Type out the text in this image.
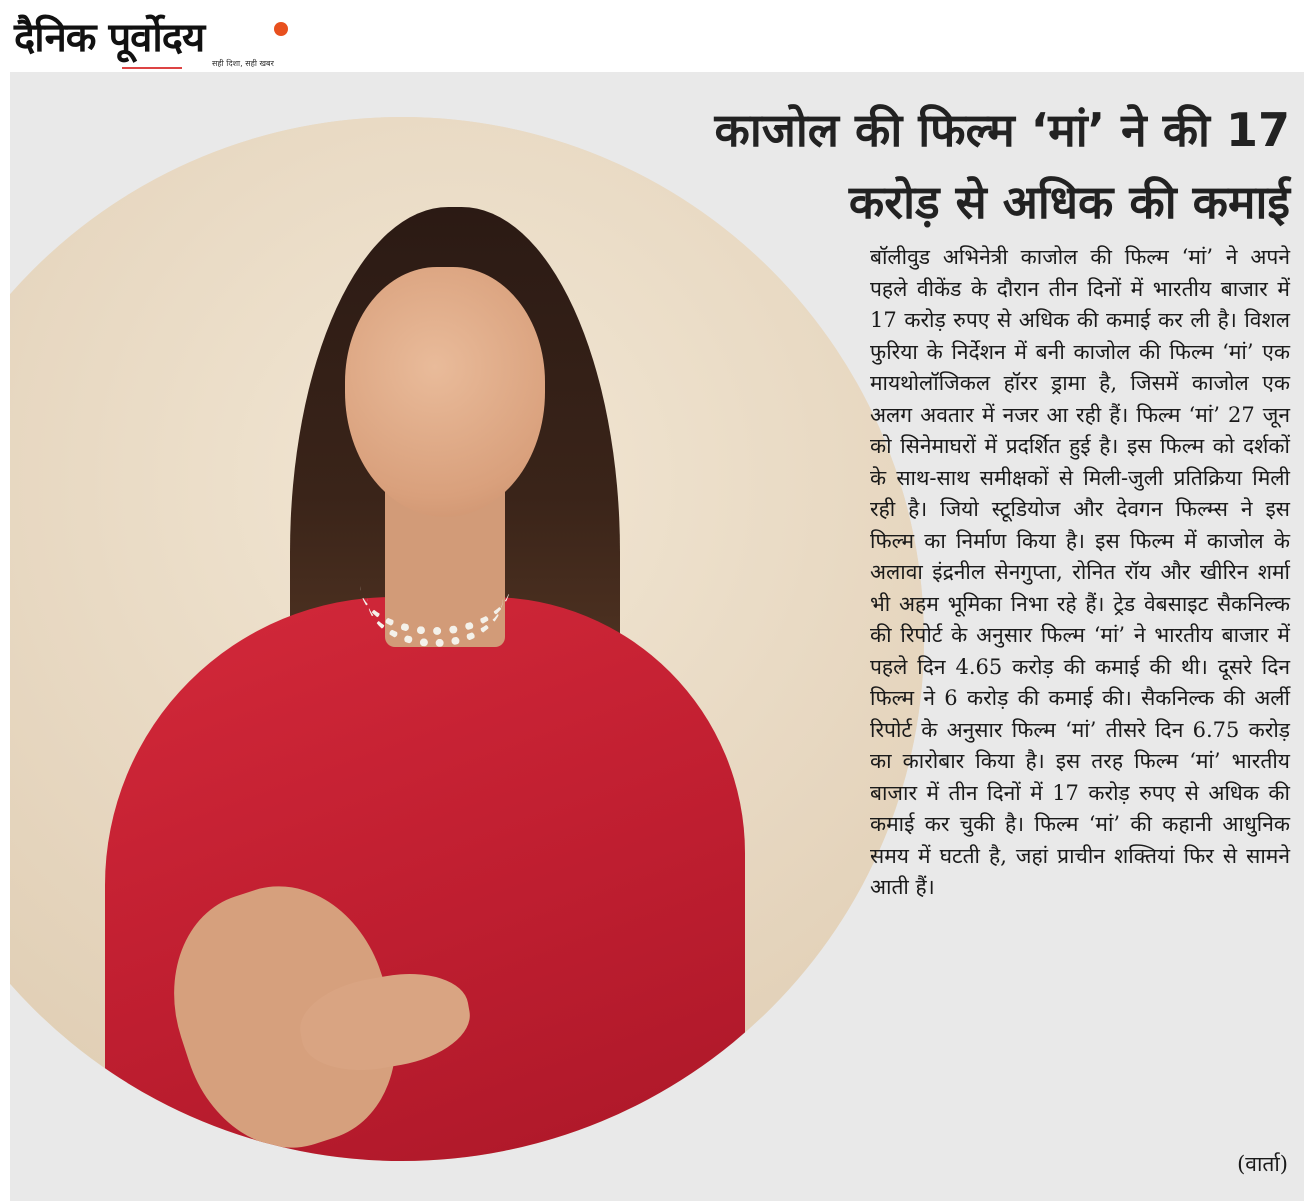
दैनिक पूर्वोदय
सही दिशा, सही खबर
काजोल की फिल्म ‘मां’ ने की 17 करोड़ से अधिक की कमाई

बॉलीवुड अभिनेत्री काजोल की फिल्म ‘मां’ ने अपने पहले वीकेंड के दौरान तीन दिनों में भारतीय बाजार में 17 करोड़ रुपए से अधिक की कमाई कर ली है। विशल फुरिया के निर्देशन में बनी काजोल की फिल्म ‘मां’ एक मायथोलॉजिकल हॉरर ड्रामा है, जिसमें काजोल एक अलग अवतार में नजर आ रही हैं। फिल्म ‘मां’ 27 जून को सिनेमाघरों में प्रदर्शित हुई है। इस फिल्म को दर्शकों के साथ-साथ समीक्षकों से मिली-जुली प्रतिक्रिया मिली रही है। जियो स्टूडियोज और देवगन फिल्म्स ने इस फिल्म का निर्माण किया है। इस फिल्म में काजोल के अलावा इंद्रनील सेनगुप्ता, रोनित रॉय और खीरिन शर्मा भी अहम भूमिका निभा रहे हैं। ट्रेड वेबसाइट सैकनिल्क की रिपोर्ट के अनुसार फिल्म ‘मां’ ने भारतीय बाजार में पहले दिन 4.65 करोड़ की कमाई की थी। दूसरे दिन फिल्म ने 6 करोड़ की कमाई की। सैकनिल्क की अर्ली रिपोर्ट के अनुसार फिल्म ‘मां’ तीसरे दिन 6.75 करोड़ का कारोबार किया है। इस तरह फिल्म ‘मां’ भारतीय बाजार में तीन दिनों में 17 करोड़ रुपए से अधिक की कमाई कर चुकी है। फिल्म ‘मां’ की कहानी आधुनिक समय में घटती है, जहां प्राचीन शक्तियां फिर से सामने आती हैं।

(वार्ता)
